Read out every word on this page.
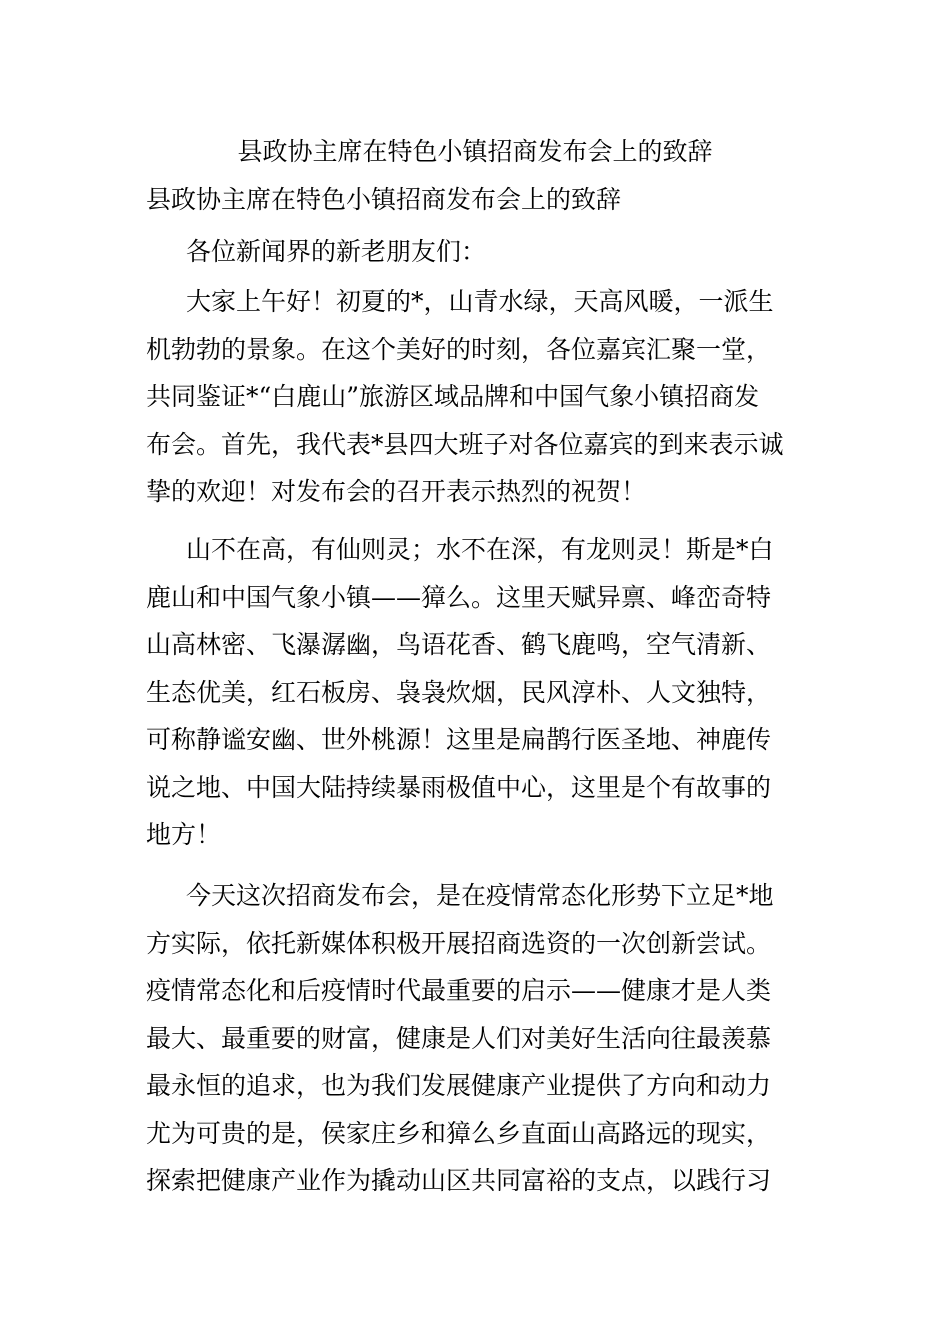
县政协主席在特色小镇招商发布会上的致辞
县政协主席在特色小镇招商发布会上的致辞
各位新闻界的新老朋友们：
大家上午好！初夏的*，山青水绿，天高风暖，一派生
机勃勃的景象。在这个美好的时刻，各位嘉宾汇聚一堂，
共同鉴证*“白鹿山”旅游区域品牌和中国气象小镇招商发
布会。首先，我代表*县四大班子对各位嘉宾的到来表示诚
挚的欢迎！对发布会的召开表示热烈的祝贺！
山不在高，有仙则灵；水不在深，有龙则灵！斯是*白
鹿山和中国气象小镇——獐么。这里天赋异禀、峰峦奇特
山高林密、飞瀑潺幽，鸟语花香、鹤飞鹿鸣，空气清新、
生态优美，红石板房、袅袅炊烟，民风淳朴、人文独特，
可称静谧安幽、世外桃源！这里是扁鹊行医圣地、神鹿传
说之地、中国大陆持续暴雨极值中心，这里是个有故事的
地方！
今天这次招商发布会，是在疫情常态化形势下立足*地
方实际，依托新媒体积极开展招商选资的一次创新尝试。
疫情常态化和后疫情时代最重要的启示——健康才是人类
最大、最重要的财富，健康是人们对美好生活向往最羡慕
最永恒的追求，也为我们发展健康产业提供了方向和动力
尤为可贵的是，侯家庄乡和獐么乡直面山高路远的现实，
探索把健康产业作为撬动山区共同富裕的支点，以践行习
